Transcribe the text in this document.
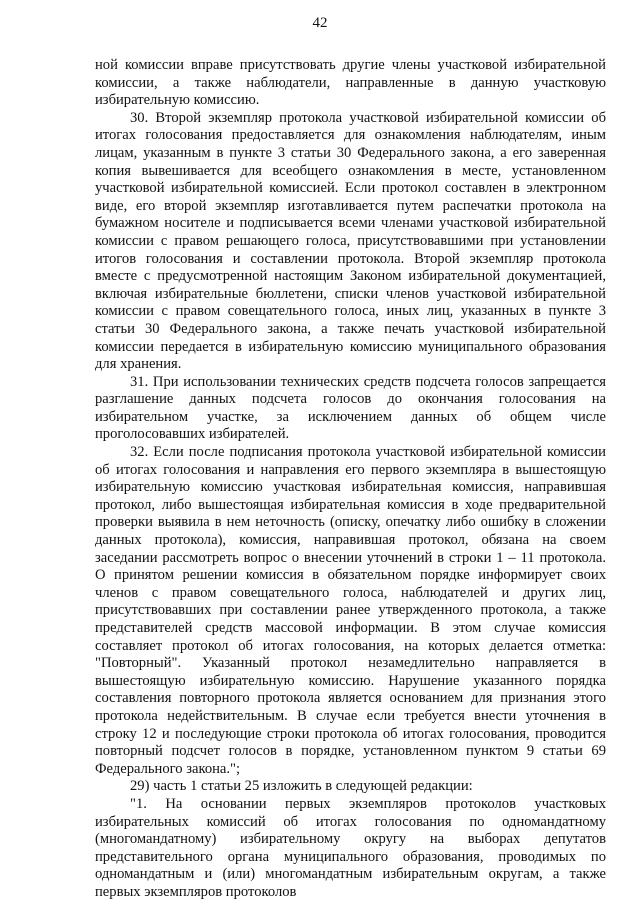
42

ной комиссии вправе присутствовать другие члены участковой избирательной комиссии, а также наблюдатели, направленные в данную участковую избирательную комиссию.

30. Второй экземпляр протокола участковой избирательной комиссии об итогах голосования предоставляется для ознакомления наблюдателям, иным лицам, указанным в пункте 3 статьи 30 Федерального закона, а его заверенная копия вывешивается для всеобщего ознакомления в месте, установленном участковой избирательной комиссией. Если протокол составлен в электронном виде, его второй экземпляр изготавливается путем распечатки протокола на бумажном носителе и подписывается всеми членами участковой избирательной комиссии с правом решающего голоса, присутствовавшими при установлении итогов голосования и составлении протокола. Второй экземпляр протокола вместе с предусмотренной настоящим Законом избирательной документацией, включая избирательные бюллетени, списки членов участковой избирательной комиссии с правом совещательного голоса, иных лиц, указанных в пункте 3 статьи 30 Федерального закона, а также печать участковой избирательной комиссии передается в избирательную комиссию муниципального образования для хранения.

31. При использовании технических средств подсчета голосов запрещается разглашение данных подсчета голосов до окончания голосования на избирательном участке, за исключением данных об общем числе проголосовавших избирателей.

32. Если после подписания протокола участковой избирательной комиссии об итогах голосования и направления его первого экземпляра в вышестоящую избирательную комиссию участковая избирательная комиссия, направившая протокол, либо вышестоящая избирательная комиссия в ходе предварительной проверки выявила в нем неточность (описку, опечатку либо ошибку в сложении данных протокола), комиссия, направившая протокол, обязана на своем заседании рассмотреть вопрос о внесении уточнений в строки 1 – 11 протокола. О принятом решении комиссия в обязательном порядке информирует своих членов с правом совещательного голоса, наблюдателей и других лиц, присутствовавших при составлении ранее утвержденного протокола, а также представителей средств массовой информации. В этом случае комиссия составляет протокол об итогах голосования, на которых делается отметка: "Повторный". Указанный протокол незамедлительно направляется в вышестоящую избирательную комиссию. Нарушение указанного порядка составления повторного протокола является основанием для признания этого протокола недействительным. В случае если требуется внести уточнения в строку 12 и последующие строки протокола об итогах голосования, проводится повторный подсчет голосов в порядке, установленном пунктом 9 статьи 69 Федерального закона.";

29) часть 1 статьи 25 изложить в следующей редакции:

"1. На основании первых экземпляров протоколов участковых избирательных комиссий об итогах голосования по одномандатному (многомандатному) избирательному округу на выборах депутатов представительного органа муниципального образования, проводимых по одномандатным и (или) многомандатным избирательным округам, а также первых экземпляров протоколов
